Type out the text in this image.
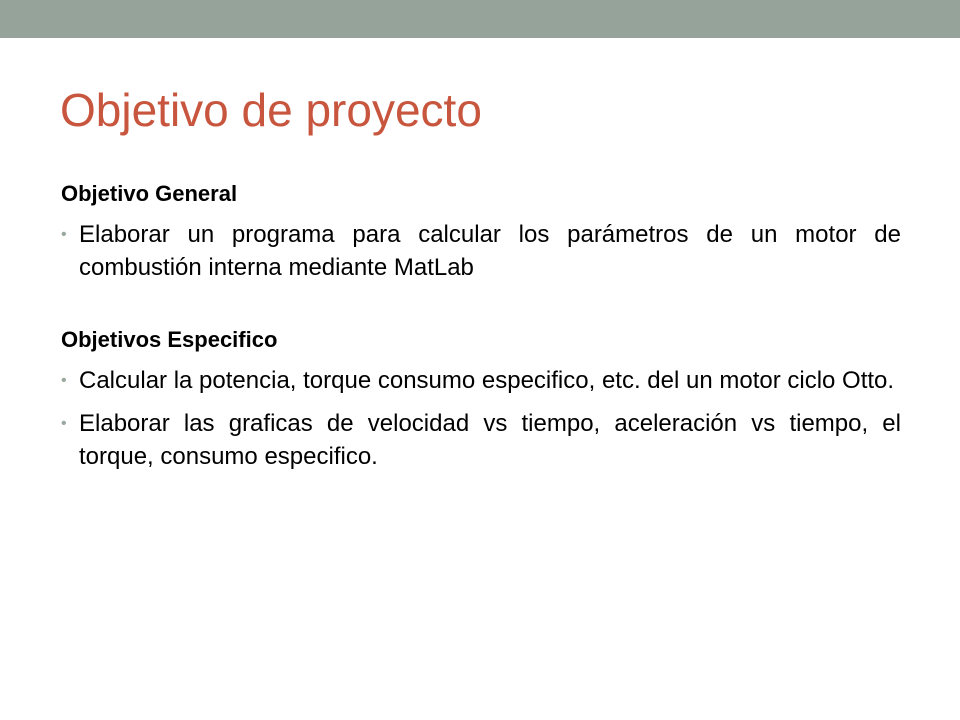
Objetivo de proyecto

Objetivo General

• Elaborar un programa para calcular los parámetros de un motor de combustión interna mediante MatLab

Objetivos Especifico

• Calcular la potencia, torque consumo especifico, etc. del un motor ciclo Otto.
• Elaborar las graficas de velocidad vs tiempo, aceleración vs tiempo, el torque, consumo especifico.
